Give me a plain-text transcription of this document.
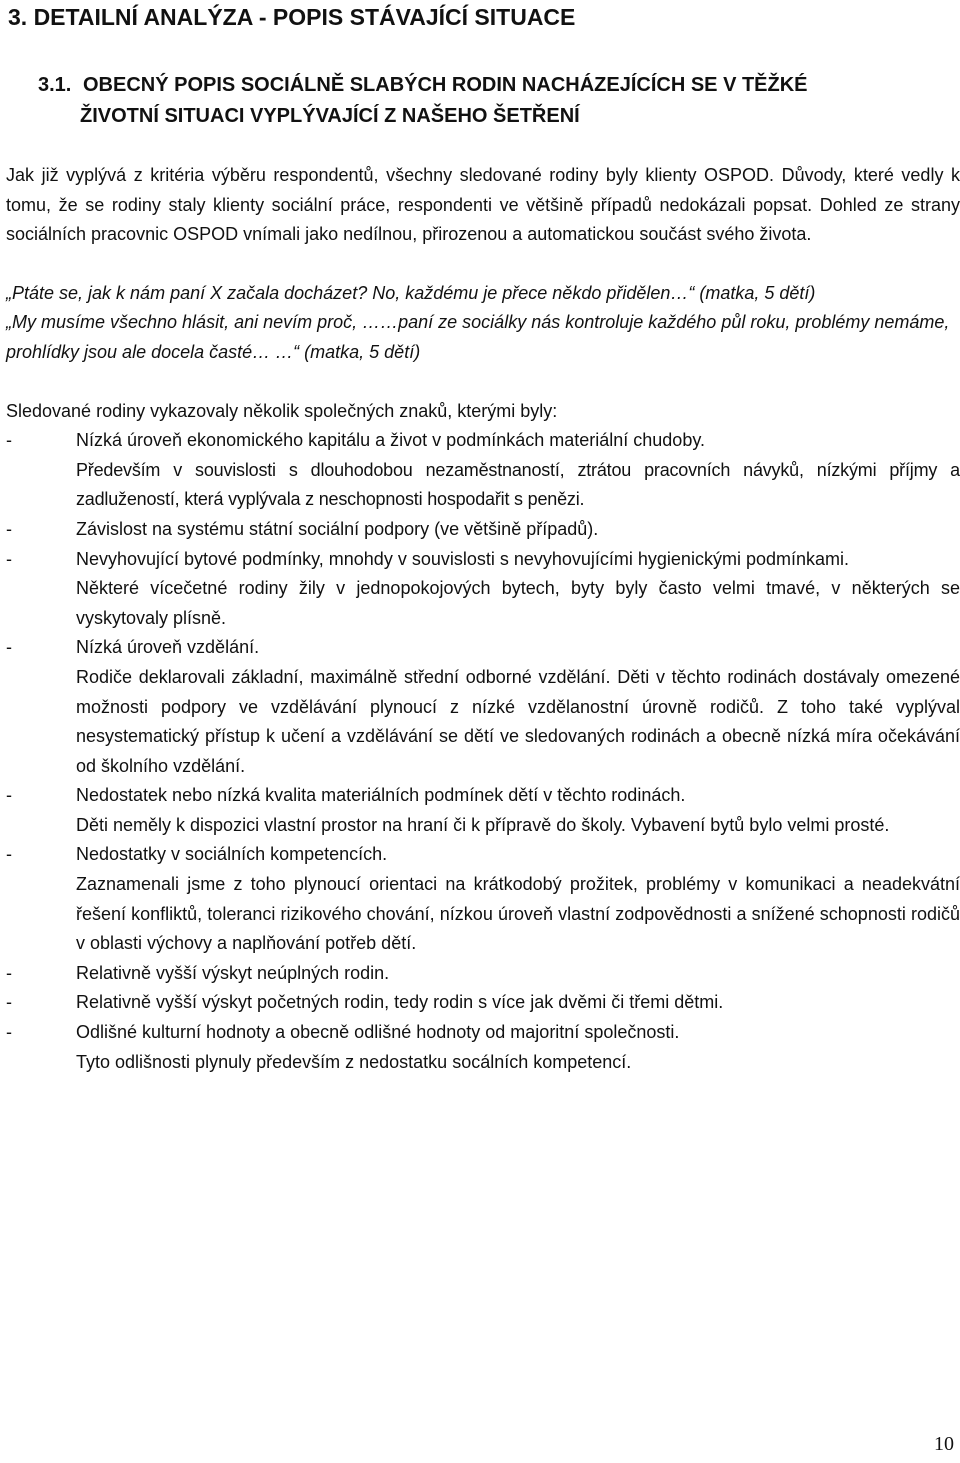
3. DETAILNÍ ANALÝZA - POPIS STÁVAJÍCÍ SITUACE
3.1. OBECNÝ POPIS SOCIÁLNĚ SLABÝCH RODIN NACHÁZEJÍCÍCH SE V TĚŽKÉ
ŽIVOTNÍ SITUACI VYPLÝVAJÍCÍ Z NAŠEHO ŠETŘENÍ

Jak již vyplývá z kritéria výběru respondentů, všechny sledované rodiny byly klienty OSPOD. Důvody, které vedly k tomu, že se rodiny staly klienty sociální práce, respondenti ve většině případů nedokázali popsat. Dohled ze strany sociálních pracovnic OSPOD vnímali jako nedílnou, přirozenou a automatickou součást svého života.

„Ptáte se, jak k nám paní X začala docházet? No, každému je přece někdo přidělen…“ (matka, 5 dětí)

„My musíme všechno hlásit, ani nevím proč, ……paní ze sociálky nás kontroluje každého půl roku, problémy nemáme, prohlídky jsou ale docela časté… …“ (matka, 5 dětí)

Sledované rodiny vykazovaly několik společných znaků, kterými byly:

-	Nízká úroveň ekonomického kapitálu a život v podmínkách materiální chudoby.
Především v souvislosti s dlouhodobou nezaměstnaností, ztrátou pracovních návyků, nízkými příjmy a zadlužeností, která vyplývala z neschopnosti hospodařit s penězi.
-	Závislost na systému státní sociální podpory (ve většině případů).
-	Nevyhovující bytové podmínky, mnohdy v souvislosti s nevyhovujícími hygienickými podmínkami.
Některé vícečetné rodiny žily v jednopokojových bytech, byty byly často velmi tmavé, v některých se vyskytovaly plísně.
-	Nízká úroveň vzdělání.
Rodiče deklarovali základní, maximálně střední odborné vzdělání. Děti v těchto rodinách dostávaly omezené možnosti podpory ve vzdělávání plynoucí z nízké vzdělanostní úrovně rodičů. Z toho také vyplýval nesystematický přístup k učení a vzdělávání se dětí ve sledovaných rodinách a obecně nízká míra očekávání od školního vzdělání.
-	Nedostatek nebo nízká kvalita materiálních podmínek dětí v těchto rodinách.
Děti neměly k dispozici vlastní prostor na hraní či k přípravě do školy. Vybavení bytů bylo velmi prosté.
-	Nedostatky v sociálních kompetencích.
Zaznamenali jsme z toho plynoucí orientaci na krátkodobý prožitek, problémy v komunikaci a neadekvátní řešení konfliktů, toleranci rizikového chování, nízkou úroveň vlastní zodpovědnosti a snížené schopnosti rodičů v oblasti výchovy a naplňování potřeb dětí.
-	Relativně vyšší výskyt neúplných rodin.
-	Relativně vyšší výskyt početných rodin, tedy rodin s více jak dvěmi či třemi dětmi.
-	Odlišné kulturní hodnoty a obecně odlišné hodnoty od majoritní společnosti.
Tyto odlišnosti plynuly především z nedostatku socálních kompetencí.
10
